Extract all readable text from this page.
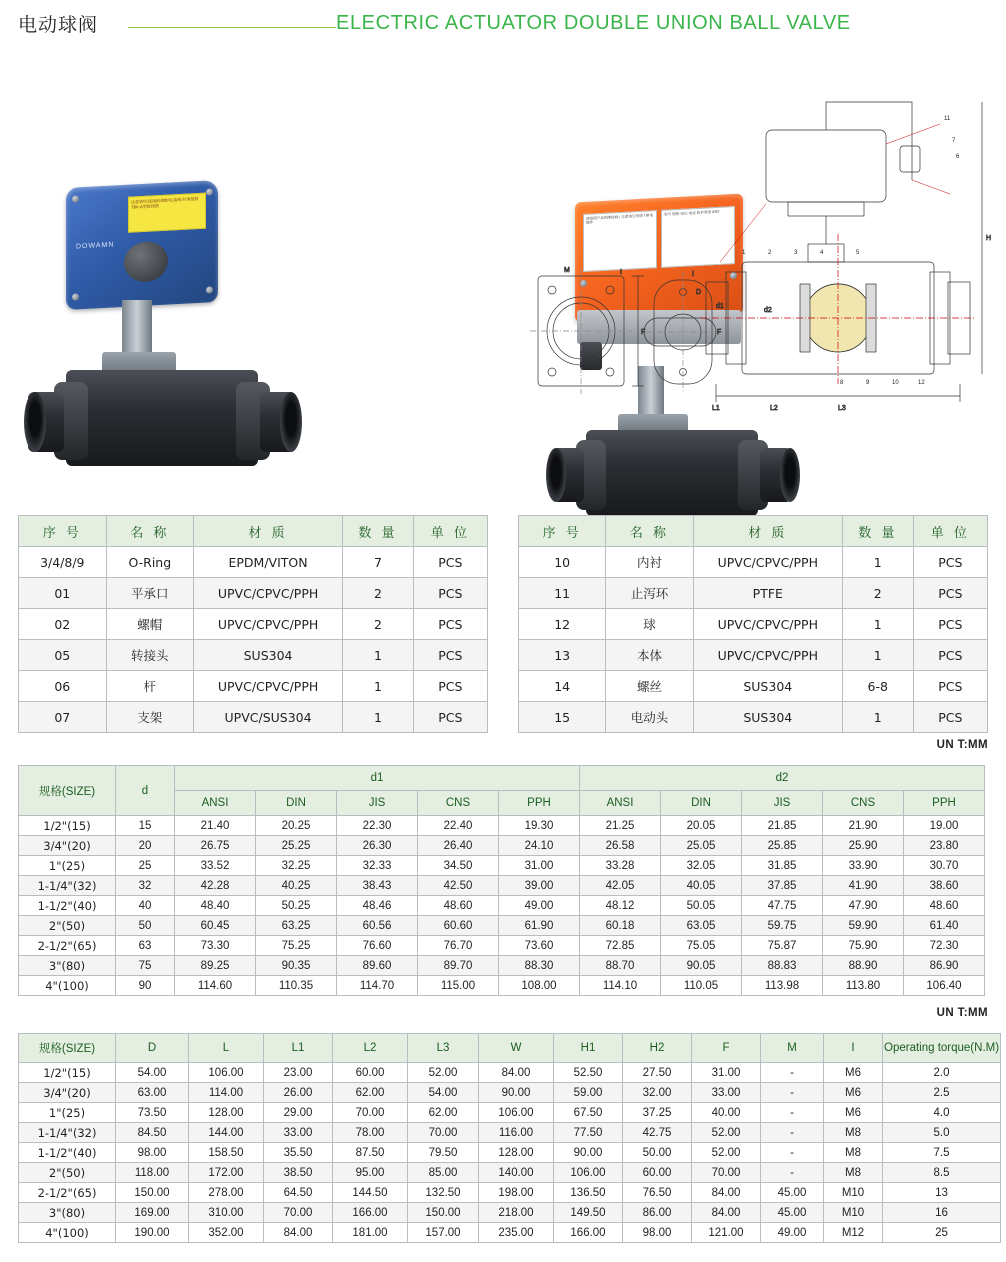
电动球阀	ELECTRIC ACTUATOR DOUBLE UNION BALL VALVE
注意事项:接线前请断电,接线 时请按照 TBK-A型接线图
DOWAMN
请按照产品铭牌接线 / 注意电压等级 / 断电操作
型号 规格 电压 电流 防护等级 IP67
M	I
F
I
F
H
D
d1
d2
L1	L2	L3
1	2	3	4	5
11
7
6
8	9	10	12
序 号	名 称	材 质	数 量	单 位
3/4/8/9	O-Ring	EPDM/VITON	7	PCS
01	平承口	UPVC/CPVC/PPH	2	PCS
02	螺帽	UPVC/CPVC/PPH	2	PCS
05	转接头	SUS304	1	PCS
06	杆	UPVC/CPVC/PPH	1	PCS
07	支架	UPVC/SUS304	1	PCS
序 号	名 称	材 质	数 量	单 位
10	内衬	UPVC/CPVC/PPH	1	PCS
11	止泻环	PTFE	2	PCS
12	球	UPVC/CPVC/PPH	1	PCS
13	本体	UPVC/CPVC/PPH	1	PCS
14	螺丝	SUS304	6-8	PCS
15	电动头	SUS304	1	PCS
UN T:MM
规格(SIZE)	d	d1					d2				
		ANSI	DIN	JIS	CNS	PPH	ANSI	DIN	JIS	CNS	PPH
1/2"(15)	15	21.40	20.25	22.30	22.40	19.30	21.25	20.05	21.85	21.90	19.00
3/4"(20)	20	26.75	25.25	26.30	26.40	24.10	26.58	25.05	25.85	25.90	23.80
1"(25)	25	33.52	32.25	32.33	34.50	31.00	33.28	32.05	31.85	33.90	30.70
1-1/4"(32)	32	42.28	40.25	38.43	42.50	39.00	42.05	40.05	37.85	41.90	38.60
1-1/2"(40)	40	48.40	50.25	48.46	48.60	49.00	48.12	50.05	47.75	47.90	48.60
2"(50)	50	60.45	63.25	60.56	60.60	61.90	60.18	63.05	59.75	59.90	61.40
2-1/2"(65)	63	73.30	75.25	76.60	76.70	73.60	72.85	75.05	75.87	75.90	72.30
3"(80)	75	89.25	90.35	89.60	89.70	88.30	88.70	90.05	88.83	88.90	86.90
4"(100)	90	114.60	110.35	114.70	115.00	108.00	114.10	110.05	113.98	113.80	106.40
UN T:MM
规格(SIZE)	D	L	L1	L2	L3	W	H1	H2	F	M	I	Operating torque(N.M)
1/2"(15)	54.00	106.00	23.00	60.00	52.00	84.00	52.50	27.50	31.00	-	M6	2.0
3/4"(20)	63.00	114.00	26.00	62.00	54.00	90.00	59.00	32.00	33.00	-	M6	2.5
1"(25)	73.50	128.00	29.00	70.00	62.00	106.00	67.50	37.25	40.00	-	M6	4.0
1-1/4"(32)	84.50	144.00	33.00	78.00	70.00	116.00	77.50	42.75	52.00	-	M8	5.0
1-1/2"(40)	98.00	158.50	35.50	87.50	79.50	128.00	90.00	50.00	52.00	-	M8	7.5
2"(50)	118.00	172.00	38.50	95.00	85.00	140.00	106.00	60.00	70.00	-	M8	8.5
2-1/2"(65)	150.00	278.00	64.50	144.50	132.50	198.00	136.50	76.50	84.00	45.00	M10	13
3"(80)	169.00	310.00	70.00	166.00	150.00	218.00	149.50	86.00	84.00	45.00	M10	16
4"(100)	190.00	352.00	84.00	181.00	157.00	235.00	166.00	98.00	121.00	49.00	M12	25
